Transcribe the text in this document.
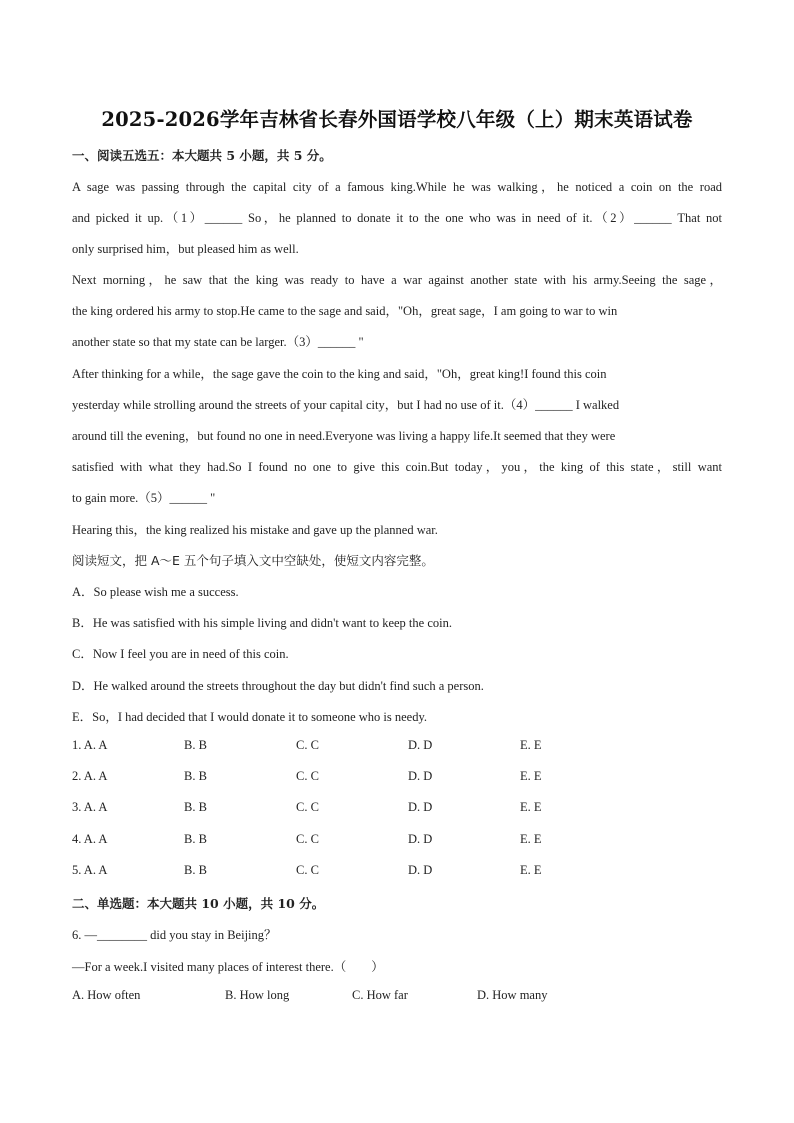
2025-2026学年吉林省长春外国语学校八年级（上）期末英语试卷
一、阅读五选五：本大题共 5 小题，共 5 分。
A sage was passing through the capital city of a famous king.While he was walking，he noticed a coin on the road
and picked it up.（1）______ So，he planned to donate it to the one who was in need of it.（2）______ That not
only surprised him，but pleased him as well.
Next morning，he saw that the king was ready to have a war against another state with his army.Seeing the sage，
the king ordered his army to stop.He came to the sage and said，"Oh，great sage，I am going to war to win
another state so that my state can be larger.（3）______ "
After thinking for a while，the sage gave the coin to the king and said，"Oh，great king!I found this coin
yesterday while strolling around the streets of your capital city，but I had no use of it.（4）______ I walked
around till the evening，but found no one in need.Everyone was living a happy life.It seemed that they were
satisfied with what they had.So I found no one to give this coin.But today，you，the king of this state，still want
to gain more.（5）______ "
Hearing this，the king realized his mistake and gave up the planned war.
阅读短文，把 A～E 五个句子填入文中空缺处，使短文内容完整。
A．So please wish me a success.
B．He was satisfied with his simple living and didn't want to keep the coin.
C．Now I feel you are in need of this coin.
D．He walked around the streets throughout the day but didn't find such a person.
E．So，I had decided that I would donate it to someone who is needy.
1. A. A	B. B	C. C	D. D	E. E
2. A. A	B. B	C. C	D. D	E. E
3. A. A	B. B	C. C	D. D	E. E
4. A. A	B. B	C. C	D. D	E. E
5. A. A	B. B	C. C	D. D	E. E
二、单选题：本大题共 10 小题，共 10 分。
6. —________ did you stay in Beijing？
—For a week.I visited many places of interest there.（　　）
A. How often	B. How long	C. How far	D. How many
